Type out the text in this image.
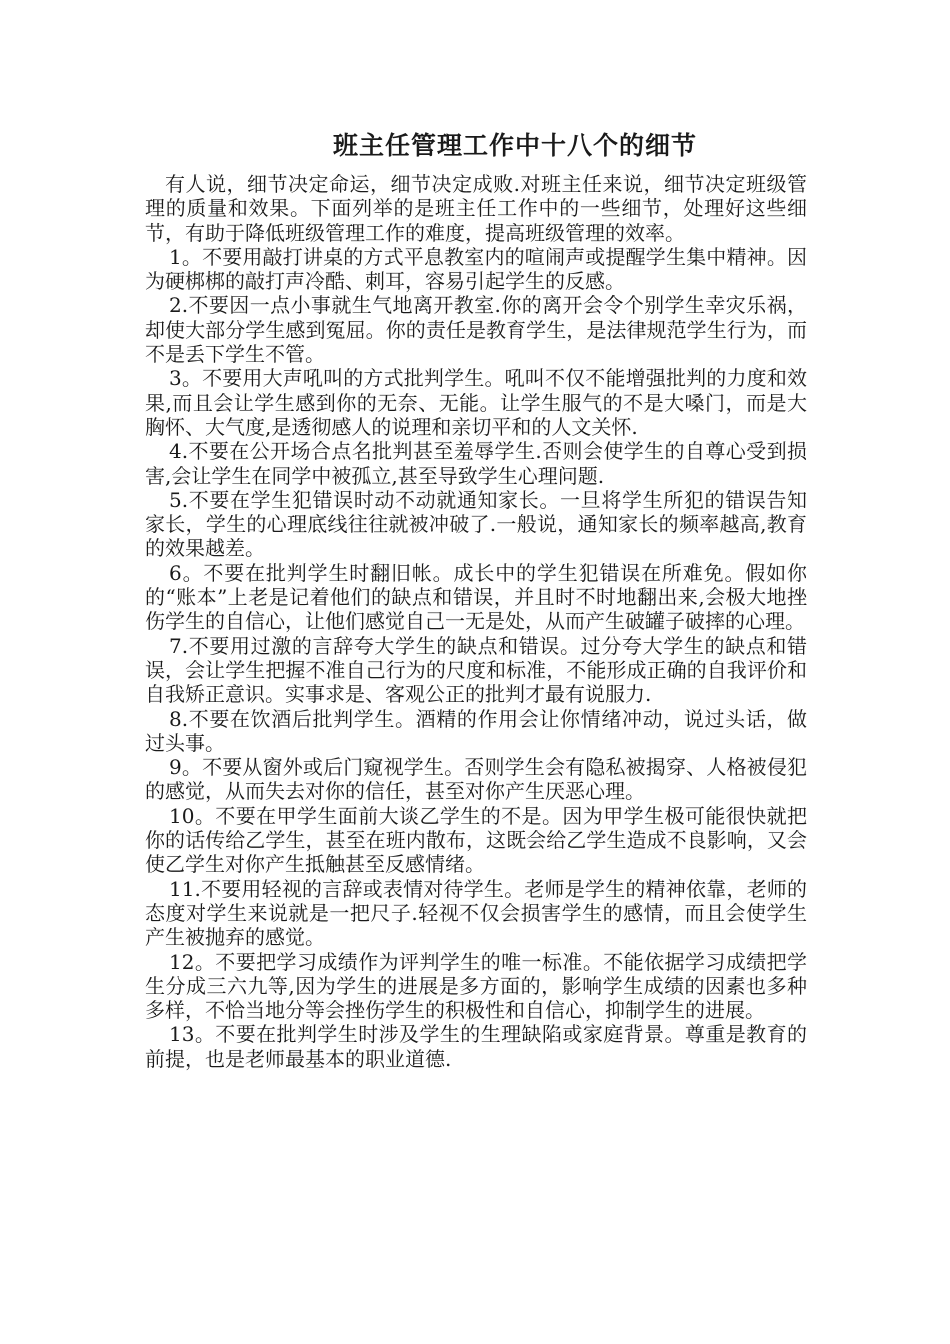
班主任管理工作中十八个的细节

有人说，细节决定命运，细节决定成败.对班主任来说，细节决定班级管理的质量和效果。下面列举的是班主任工作中的一些细节，处理好这些细节，有助于降低班级管理工作的难度，提高班级管理的效率。

1。不要用敲打讲桌的方式平息教室内的喧闹声或提醒学生集中精神。因为硬梆梆的敲打声冷酷、刺耳，容易引起学生的反感。

2.不要因一点小事就生气地离开教室.你的离开会令个别学生幸灾乐祸，却使大部分学生感到冤屈。你的责任是教育学生，是法律规范学生行为，而不是丢下学生不管。

3。不要用大声吼叫的方式批判学生。吼叫不仅不能增强批判的力度和效果,而且会让学生感到你的无奈、无能。让学生服气的不是大嗓门，而是大胸怀、大气度,是透彻感人的说理和亲切平和的人文关怀.

4.不要在公开场合点名批判甚至羞辱学生.否则会使学生的自尊心受到损害,会让学生在同学中被孤立,甚至导致学生心理问题.

5.不要在学生犯错误时动不动就通知家长。一旦将学生所犯的错误告知家长，学生的心理底线往往就被冲破了.一般说，通知家长的频率越高,教育的效果越差。

6。不要在批判学生时翻旧帐。成长中的学生犯错误在所难免。假如你的“账本”上老是记着他们的缺点和错误，并且时不时地翻出来,会极大地挫伤学生的自信心，让他们感觉自己一无是处，从而产生破罐子破摔的心理。

7.不要用过激的言辞夸大学生的缺点和错误。过分夸大学生的缺点和错误，会让学生把握不准自己行为的尺度和标准，不能形成正确的自我评价和自我矫正意识。实事求是、客观公正的批判才最有说服力.

8.不要在饮酒后批判学生。酒精的作用会让你情绪冲动，说过头话，做过头事。

9。不要从窗外或后门窥视学生。否则学生会有隐私被揭穿、人格被侵犯的感觉，从而失去对你的信任，甚至对你产生厌恶心理。

10。不要在甲学生面前大谈乙学生的不是。因为甲学生极可能很快就把你的话传给乙学生，甚至在班内散布，这既会给乙学生造成不良影响，又会使乙学生对你产生抵触甚至反感情绪。

11.不要用轻视的言辞或表情对待学生。老师是学生的精神依靠，老师的态度对学生来说就是一把尺子.轻视不仅会损害学生的感情，而且会使学生产生被抛弃的感觉。

12。不要把学习成绩作为评判学生的唯一标准。不能依据学习成绩把学生分成三六九等,因为学生的进展是多方面的，影响学生成绩的因素也多种多样，不恰当地分等会挫伤学生的积极性和自信心，抑制学生的进展。

13。不要在批判学生时涉及学生的生理缺陷或家庭背景。尊重是教育的前提，也是老师最基本的职业道德.
